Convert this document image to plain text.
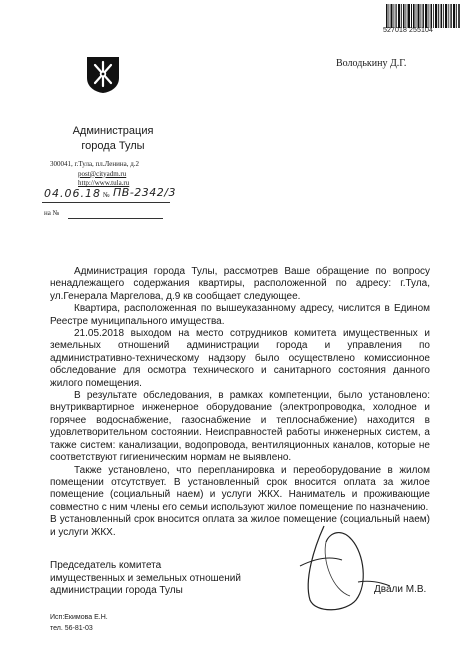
527018 255104
Володькину Д.Г.
Администрация
города Тулы
300041, г.Тула, пл.Ленина, д.2
post@cityadm.ru
http://www.tula.ru
04.06.18 № ПВ-2342/3
на №

Администрация города Тулы, рассмотрев Ваше обращение по вопросу ненадлежащего содержания квартиры, расположенной по адресу: г.Тула, ул.Генерала Маргелова, д.9 кв сообщает следующее.

Квартира, расположенная по вышеуказанному адресу, числится в Едином Реестре муниципального имущества.

21.05.2018 выходом на место сотрудников комитета имущественных и земельных отношений администрации города и управления по административно-техническому надзору было осуществлено комиссионное обследование для осмотра технического и санитарного состояния данного жилого помещения.

В результате обследования, в рамках компетенции, было установлено: внутриквартирное инженерное оборудование (электропроводка, холодное и горячее водоснабжение, газоснабжение и теплоснабжение) находится в удовлетворительном состоянии. Неисправностей работы инженерных систем, а также систем: канализации, водопровода, вентиляционных каналов, которые не соответствуют гигиеническим нормам не выявлено.

Также установлено, что перепланировка и переоборудование в жилом помещении отсутствует. В установленный срок вносится оплата за жилое помещение (социальный наем) и услуги ЖКХ. Наниматель и проживающие совместно с ним члены его семьи используют жилое помещение по назначению.

В установленный срок вносится оплата за жилое помещение (социальный наем) и услуги ЖКХ.

Председатель комитета
имущественных и земельных отношений
администрации города Тулы	Двали М.В.
Исп:Екимова Е.Н.
тел. 56-81-03
